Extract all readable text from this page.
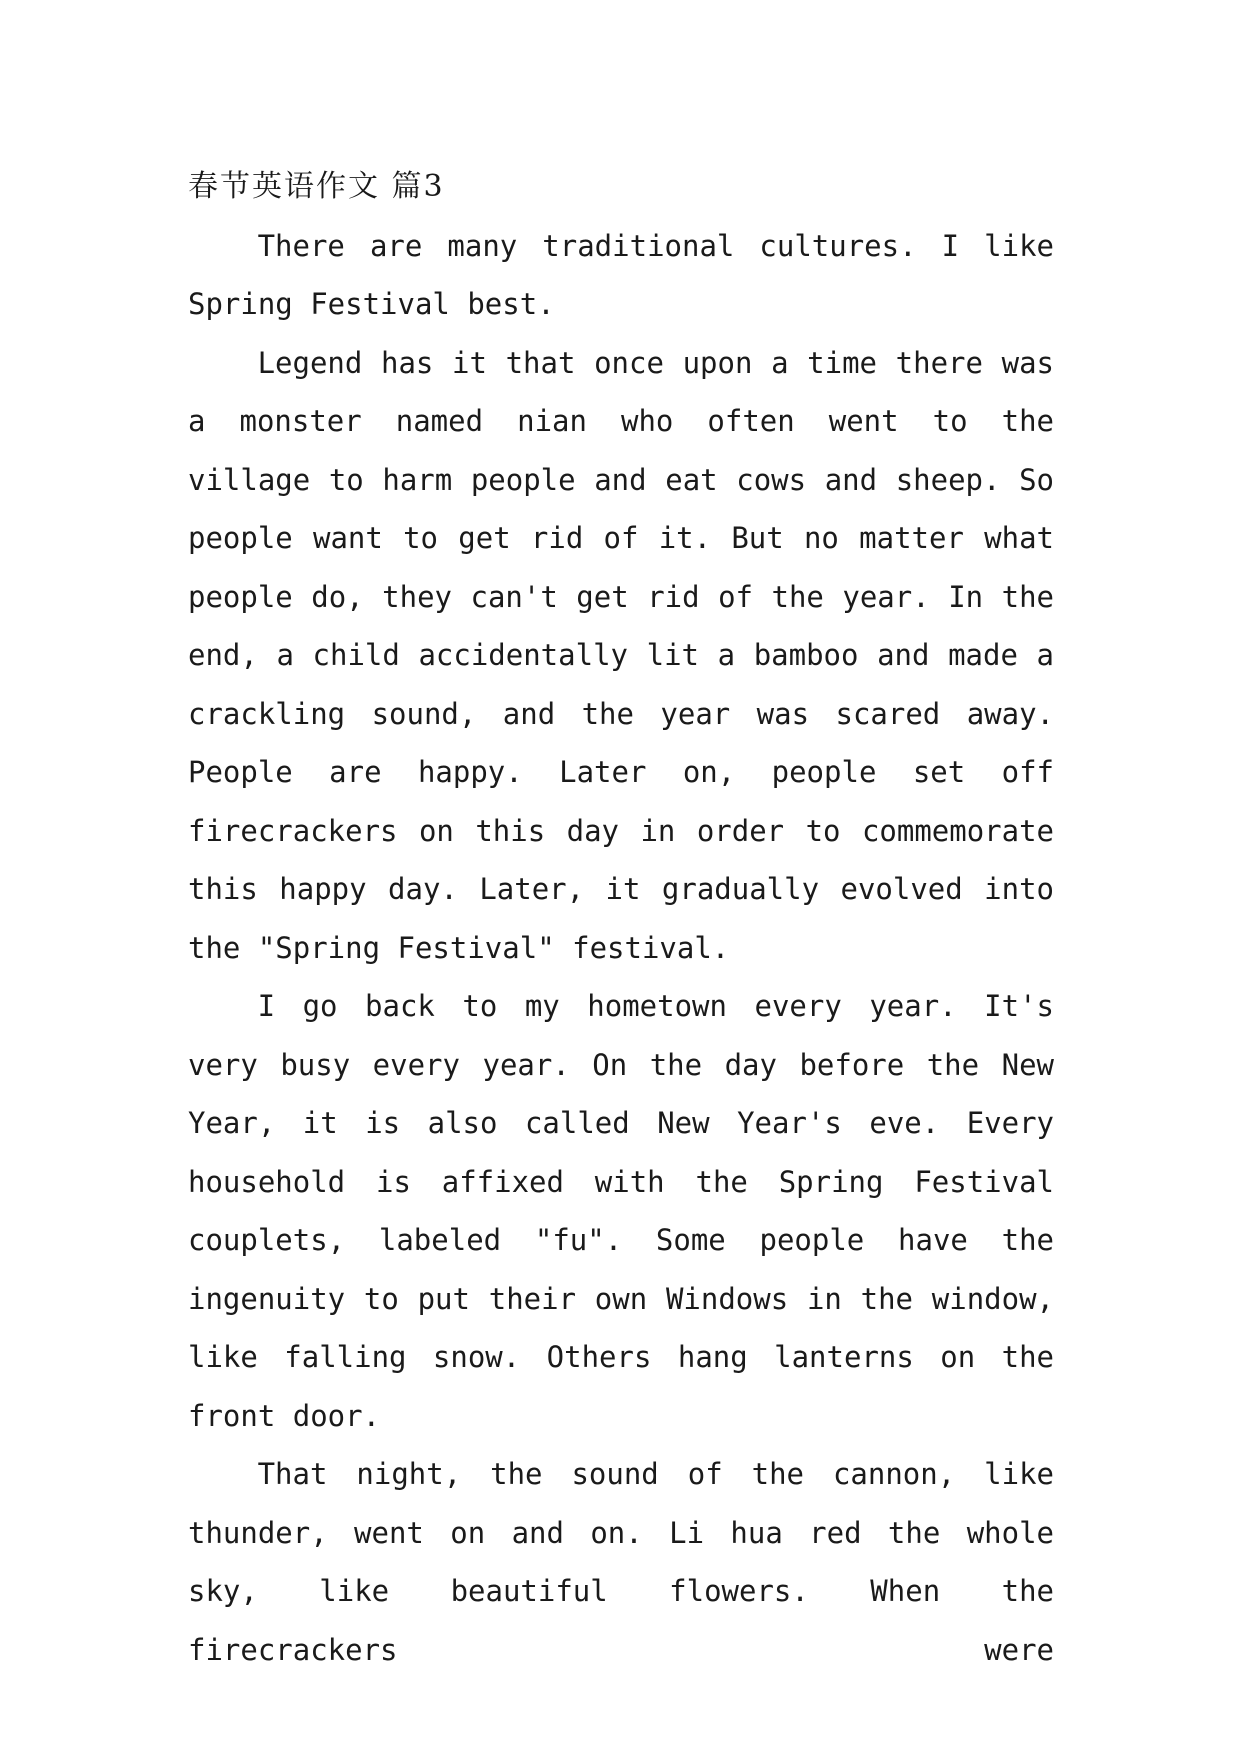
春节英语作文 篇3

There are many traditional cultures. I like Spring Festival best.

Legend has it that once upon a time there was a monster named nian who often went to the village to harm people and eat cows and sheep. So people want to get rid of it. But no matter what people do, they can't get rid of the year. In the end, a child accidentally lit a bamboo and made a crackling sound, and the year was scared away. People are happy. Later on, people set off firecrackers on this day in order to commemorate this happy day. Later, it gradually evolved into the "Spring Festival" festival.

I go back to my hometown every year. It's very busy every year. On the day before the New Year, it is also called New Year's eve. Every household is affixed with the Spring Festival couplets, labeled "fu". Some people have the ingenuity to put their own Windows in the window, like falling snow. Others hang lanterns on the front door.

That night, the sound of the cannon, like thunder, went on and on. Li hua red the whole sky, like beautiful flowers. When the firecrackers were
